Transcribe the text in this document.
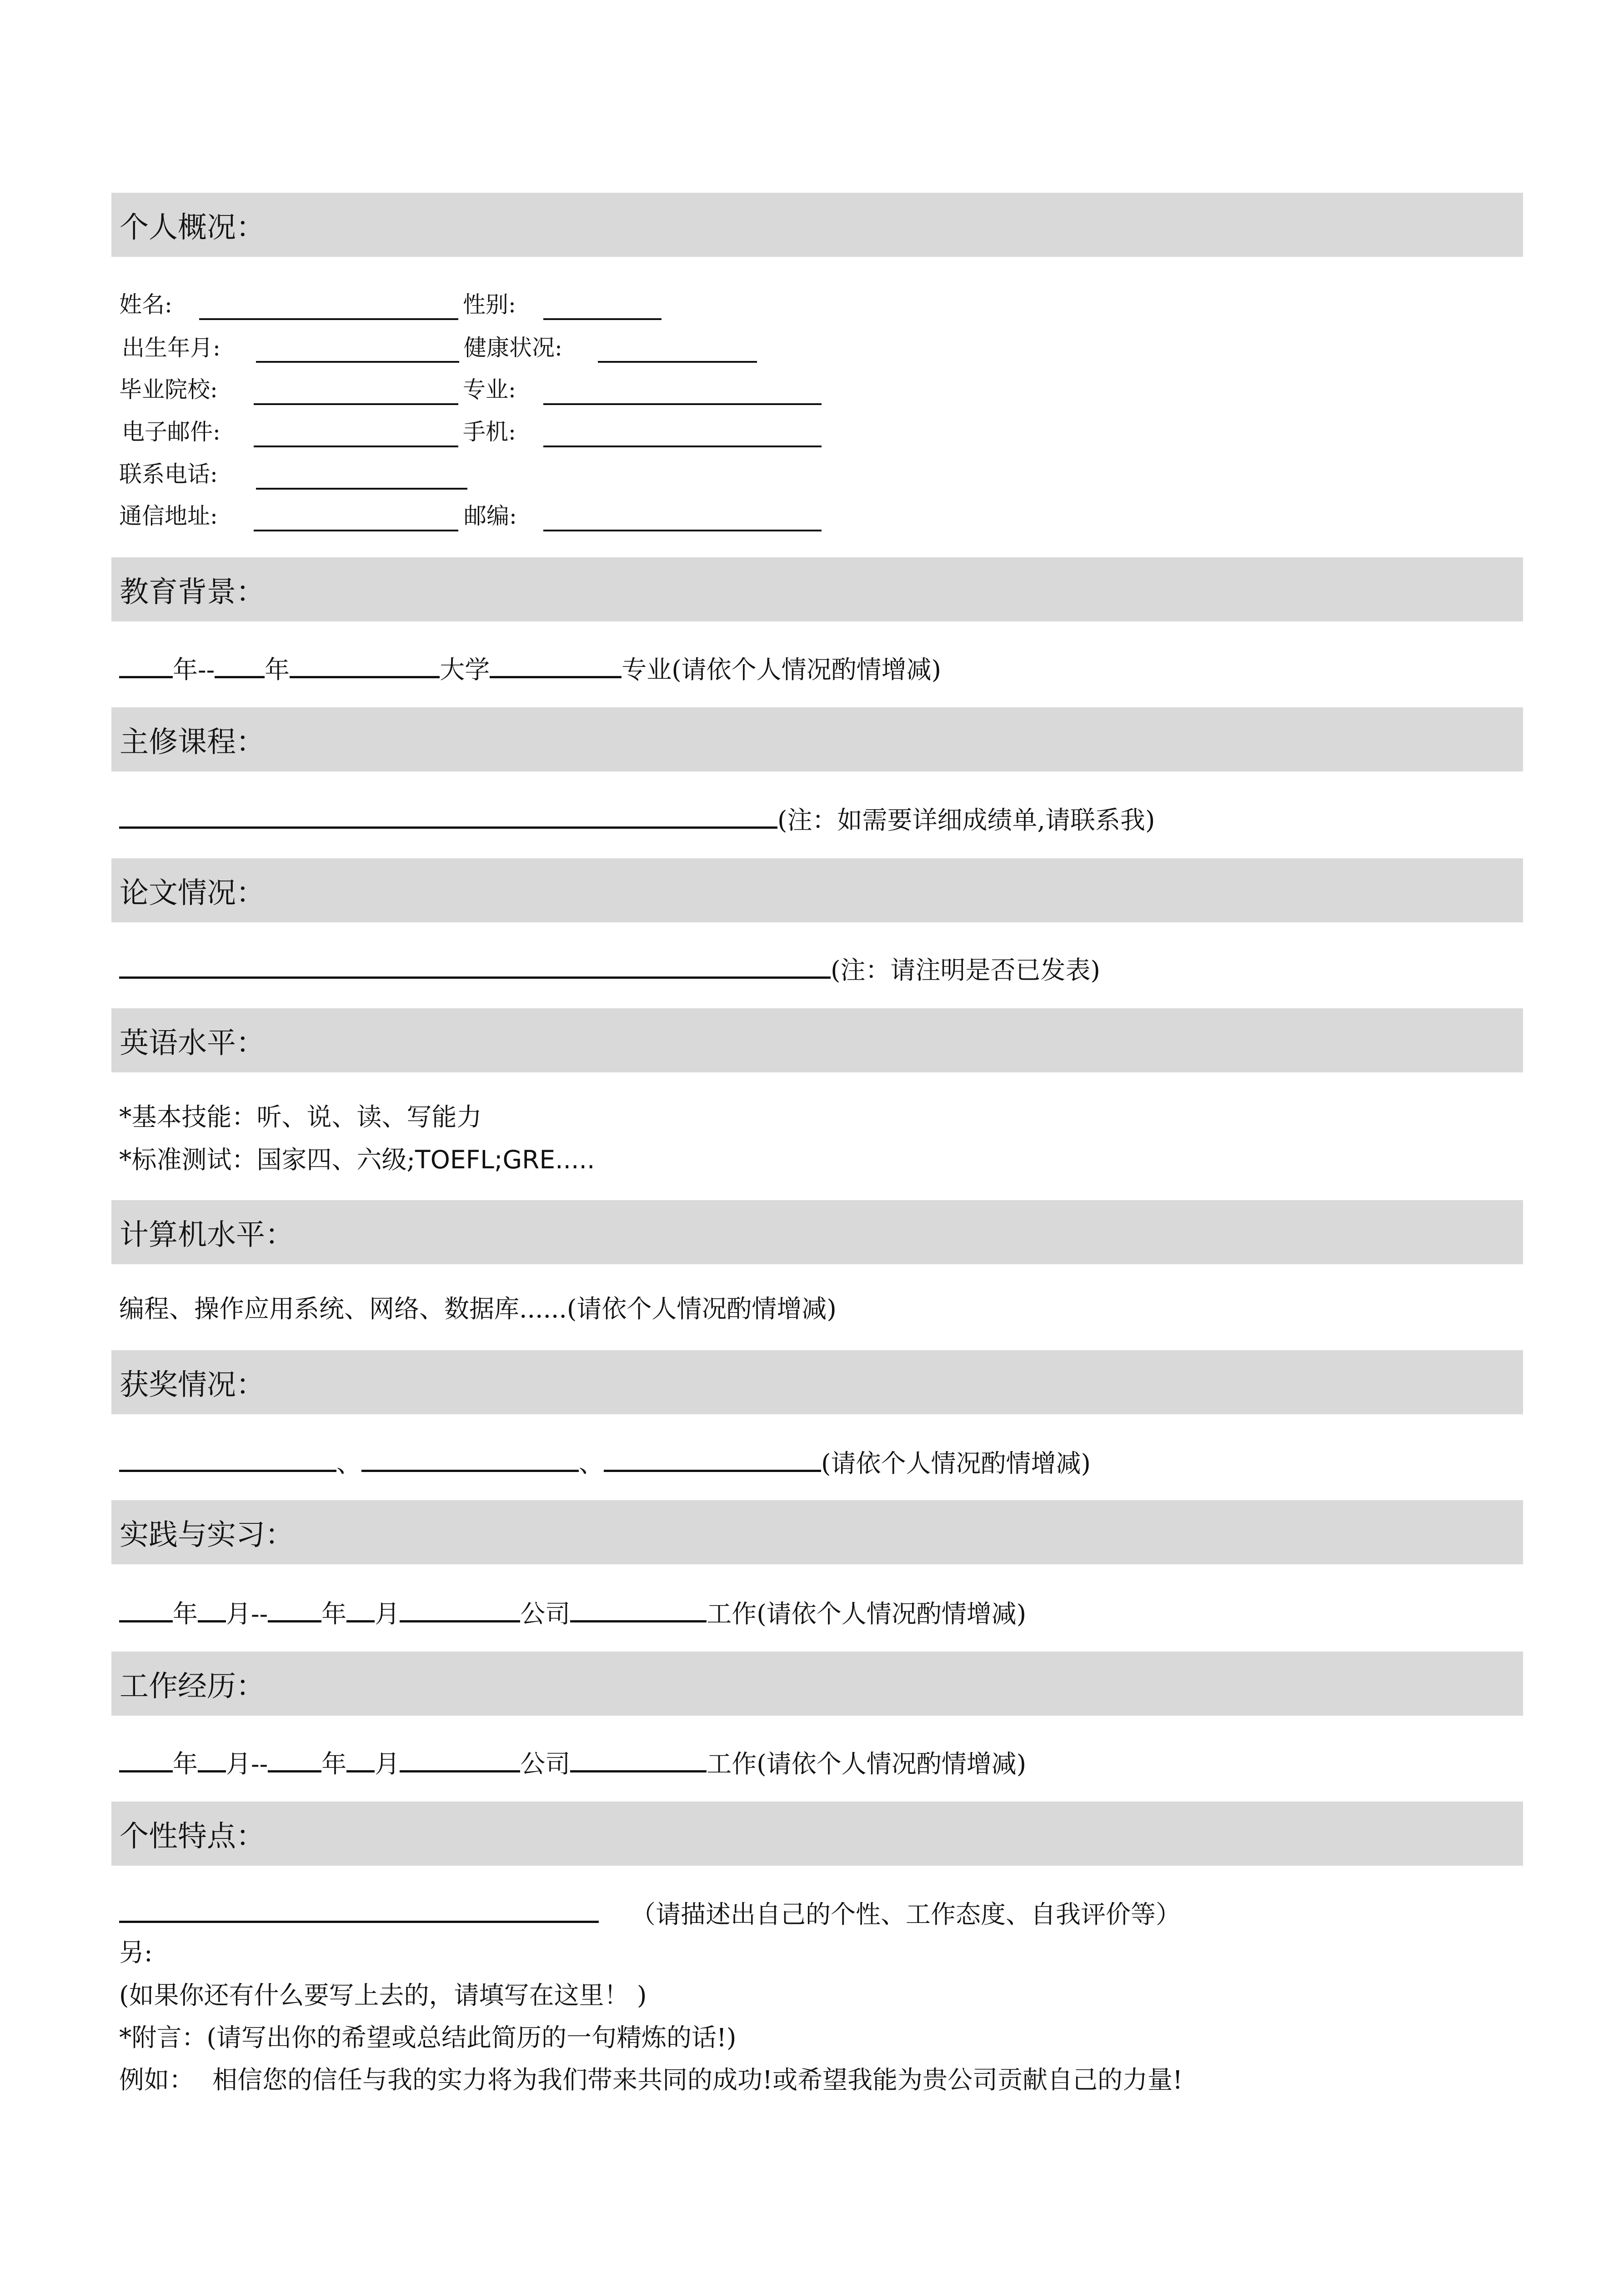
个人概况：
姓名:	性别:
出生年月:	健康状况:
毕业院校:	专业:
电子邮件:	手机:
联系电话:
通信地址:	邮编:
教育背景：
年-- 年	大学	专业(请依个人情况酌情增减)
主修课程：
(注：如需要详细成绩单,请联系我)
论文情况：
(注：请注明是否已发表)
英语水平：
*基本技能：听、说、读、写能力
*标准测试：国家四、六级;TOEFL;GRE.....
计算机水平：
编程、操作应用系统、网络、数据库......(请依个人情况酌情增减)
获奖情况：
、	、	(请依个人情况酌情增减)
实践与实习：
年 月-- 年 月	公司	工作(请依个人情况酌情增减)
工作经历：
年 月-- 年 月	公司	工作(请依个人情况酌情增减)
个性特点：
（请描述出自己的个性、工作态度、自我评价等）
另:
(如果你还有什么要写上去的，请填写在这里！ )
*附言：(请写出你的希望或总结此简历的一句精炼的话!)
例如： 相信您的信任与我的实力将为我们带来共同的成功!或希望我能为贵公司贡献自己的力量!
